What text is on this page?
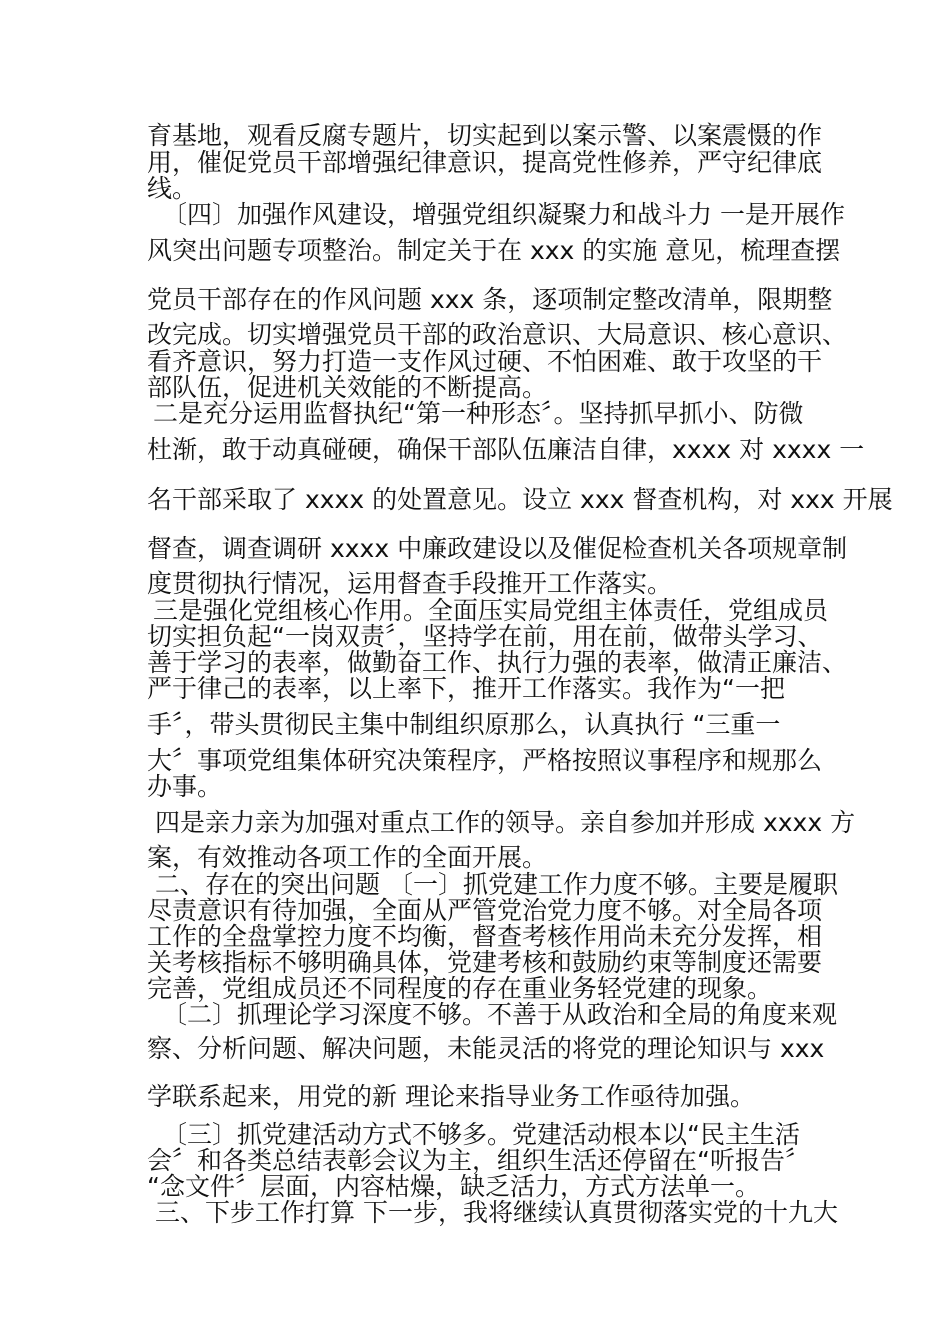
育基地，观看反腐专题片，切实起到以案示警、以案震慑的作

用，催促党员干部增强纪律意识，提高党性修养，严守纪律底

线。

〔四〕加强作风建设，增强党组织凝聚力和战斗力 一是开展作

风突出问题专项整治。制定关于在 xxx 的实施 意见，梳理查摆

党员干部存在的作风问题 xxx 条，逐项制定整改清单，限期整

改完成。切实增强党员干部的政治意识、大局意识、核心意识、

看齐意识，努力打造一支作风过硬、不怕困难、敢于攻坚的干

部队伍，促进机关效能的不断提高。

二是充分运用监督执纪“第一种形态〞。坚持抓早抓小、防微

杜渐，敢于动真碰硬，确保干部队伍廉洁自律，xxxx 对 xxxx 一

名干部采取了 xxxx 的处置意见。设立 xxx 督查机构，对 xxx 开展

督查，调查调研 xxxx 中廉政建设以及催促检查机关各项规章制

度贯彻执行情况，运用督查手段推开工作落实。

三是强化党组核心作用。全面压实局党组主体责任，党组成员

切实担负起“一岗双责〞，坚持学在前，用在前，做带头学习、

善于学习的表率，做勤奋工作、执行力强的表率，做清正廉洁、

严于律己的表率，以上率下，推开工作落实。我作为“一把

手〞，带头贯彻民主集中制组织原那么，认真执行 “三重一

大〞事项党组集体研究决策程序，严格按照议事程序和规那么

办事。

四是亲力亲为加强对重点工作的领导。亲自参加并形成 xxxx 方

案，有效推动各项工作的全面开展。

二、存在的突出问题 〔一〕抓党建工作力度不够。主要是履职

尽责意识有待加强，全面从严管党治党力度不够。对全局各项

工作的全盘掌控力度不均衡，督查考核作用尚未充分发挥，相

关考核指标不够明确具体，党建考核和鼓励约束等制度还需要

完善，党组成员还不同程度的存在重业务轻党建的现象。

〔二〕抓理论学习深度不够。不善于从政治和全局的角度来观

察、分析问题、解决问题，未能灵活的将党的理论知识与 xxx

学联系起来，用党的新 理论来指导业务工作亟待加强。

〔三〕抓党建活动方式不够多。党建活动根本以“民主生活

会〞和各类总结表彰会议为主，组织生活还停留在“听报告〞

“念文件〞层面，内容枯燥，缺乏活力，方式方法单一。

三、下步工作打算 下一步，我将继续认真贯彻落实党的十九大
